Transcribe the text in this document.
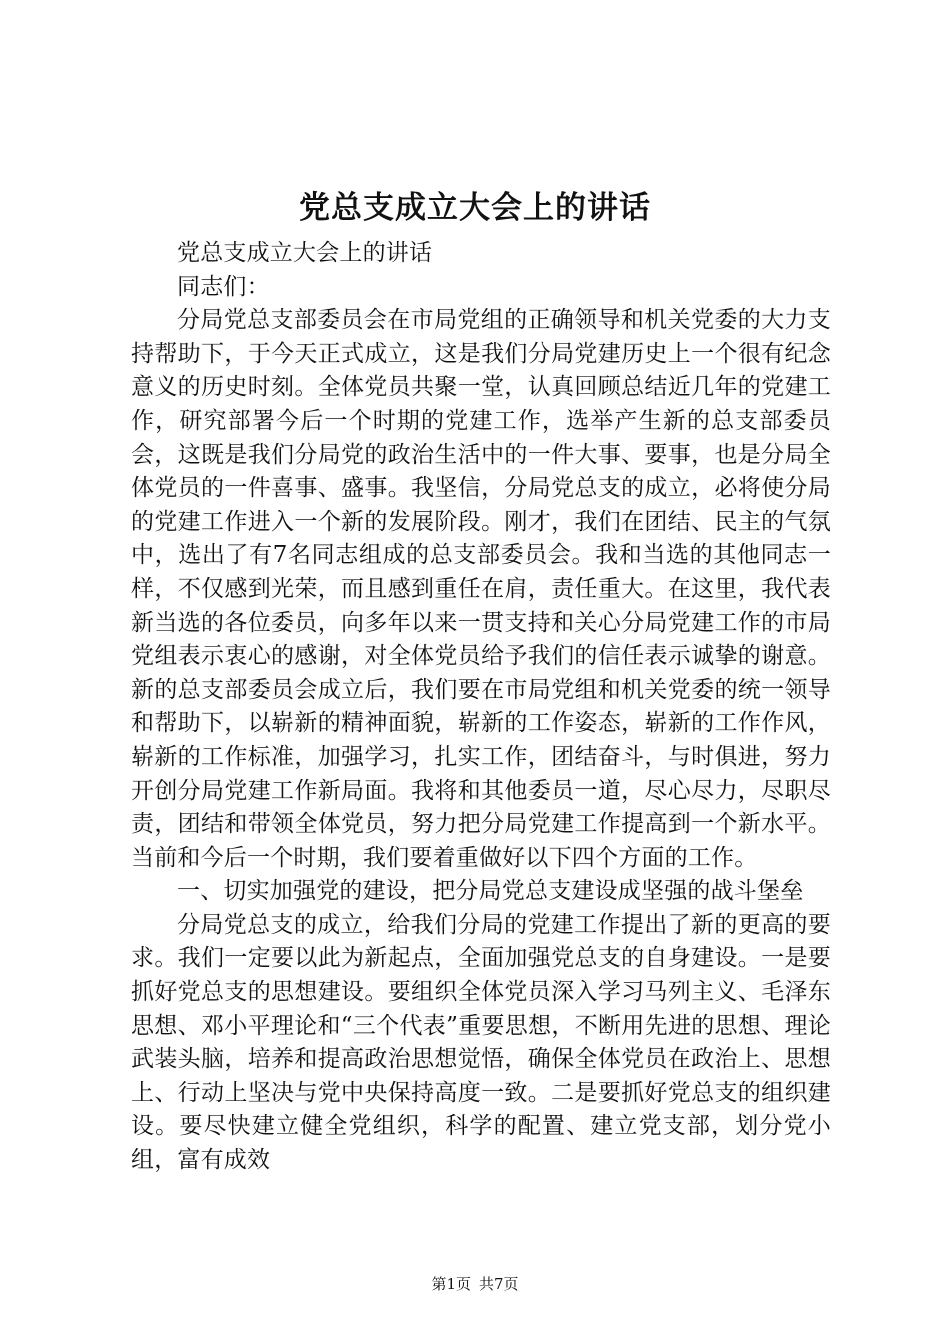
党总支成立大会上的讲话

党总支成立大会上的讲话

同志们：

分局党总支部委员会在市局党组的正确领导和机关党委的大力支持帮助下，于今天正式成立，这是我们分局党建历史上一个很有纪念意义的历史时刻。全体党员共聚一堂，认真回顾总结近几年的党建工作，研究部署今后一个时期的党建工作，选举产生新的总支部委员会，这既是我们分局党的政治生活中的一件大事、要事，也是分局全体党员的一件喜事、盛事。我坚信，分局党总支的成立，必将使分局的党建工作进入一个新的发展阶段。刚才，我们在团结、民主的气氛中，选出了有7名同志组成的总支部委员会。我和当选的其他同志一样，不仅感到光荣，而且感到重任在肩，责任重大。在这里，我代表新当选的各位委员，向多年以来一贯支持和关心分局党建工作的市局党组表示衷心的感谢，对全体党员给予我们的信任表示诚挚的谢意。新的总支部委员会成立后，我们要在市局党组和机关党委的统一领导和帮助下，以崭新的精神面貌，崭新的工作姿态，崭新的工作作风，崭新的工作标准，加强学习，扎实工作，团结奋斗，与时俱进，努力开创分局党建工作新局面。我将和其他委员一道，尽心尽力，尽职尽责，团结和带领全体党员，努力把分局党建工作提高到一个新水平。当前和今后一个时期，我们要着重做好以下四个方面的工作。

一、切实加强党的建设，把分局党总支建设成坚强的战斗堡垒

分局党总支的成立，给我们分局的党建工作提出了新的更高的要求。我们一定要以此为新起点，全面加强党总支的自身建设。一是要抓好党总支的思想建设。要组织全体党员深入学习马列主义、毛泽东思想、邓小平理论和“三个代表”重要思想，不断用先进的思想、理论武装头脑，培养和提高政治思想觉悟，确保全体党员在政治上、思想上、行动上坚决与党中央保持高度一致。二是要抓好党总支的组织建设。要尽快建立健全党组织，科学的配置、建立党支部，划分党小组，富有成效

第1页 共7页
